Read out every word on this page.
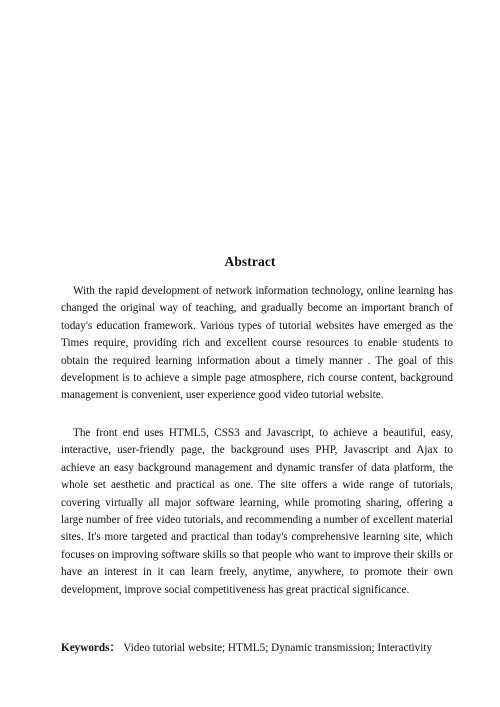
Abstract

With the rapid development of network information technology, online learning has changed the original way of teaching, and gradually become an important branch of today's education framework. Various types of tutorial websites have emerged as the Times require, providing rich and excellent course resources to enable students to obtain the required learning information about a timely manner . The goal of this development is to achieve a simple page atmosphere, rich course content, background management is convenient, user experience good video tutorial website.

The front end uses HTML5, CSS3 and Javascript, to achieve a beautiful, easy, interactive, user-friendly page, the background uses PHP, Javascript and Ajax to achieve an easy background management and dynamic transfer of data platform, the whole set aesthetic and practical as one. The site offers a wide range of tutorials, covering virtually all major software learning, while promoting sharing, offering a large number of free video tutorials, and recommending a number of excellent material sites. It's more targeted and practical than today's comprehensive learning site, which focuses on improving software skills so that people who want to improve their skills or have an interest in it can learn freely, anytime, anywhere, to promote their own development, improve social competitiveness has great practical significance.

Keywords： Video tutorial website; HTML5; Dynamic transmission; Interactivity
